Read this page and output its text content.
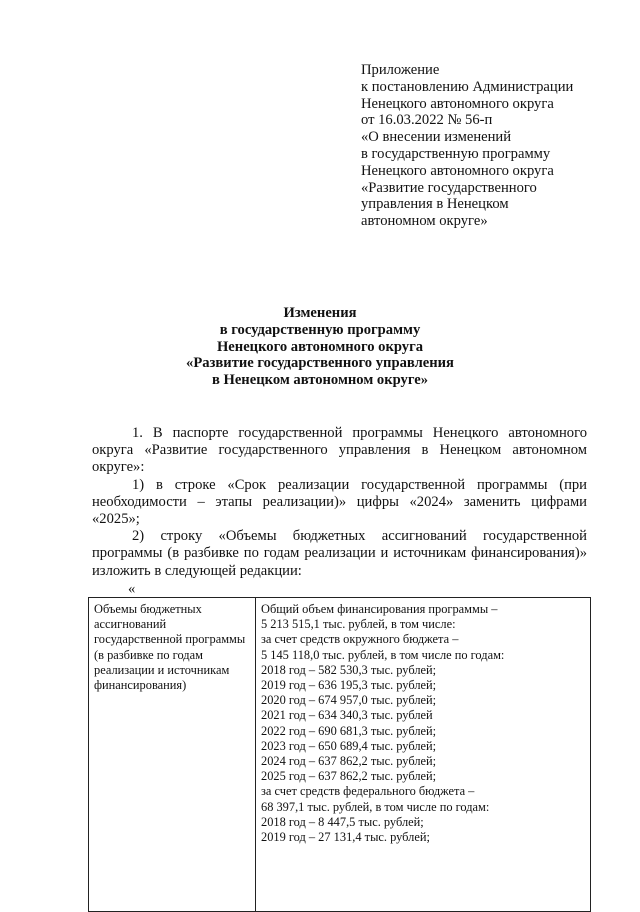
Приложение
к постановлению Администрации
Ненецкого автономного округа
от 16.03.2022 № 56-п
«О внесении изменений
в государственную программу
Ненецкого автономного округа
«Развитие государственного
управления в Ненецком
автономном округе»
Изменения
в государственную программу
Ненецкого автономного округа
«Развитие государственного управления
в Ненецком автономном округе»

1. В паспорте государственной программы Ненецкого автономного округа «Развитие государственного управления в Ненецком автономном округе»:

1) в строке «Срок реализации государственной программы (при необходимости – этапы реализации)» цифры «2024» заменить цифрами «2025»;

2) строку «Объемы бюджетных ассигнований государственной программы (в разбивке по годам реализации и источникам финансирования)» изложить в следующей редакции:

«
Объемы бюджетных
ассигнований
государственной программы
(в разбивке по годам
реализации и источникам
финансирования)

Общий объем финансирования программы –
5 213 515,1 тыс. рублей, в том числе:
за счет средств окружного бюджета –
5 145 118,0 тыс. рублей, в том числе по годам:
2018 год – 582 530,3 тыс. рублей;
2019 год – 636 195,3 тыс. рублей;
2020 год – 674 957,0 тыс. рублей;
2021 год – 634 340,3 тыс. рублей
2022 год – 690 681,3 тыс. рублей;
2023 год – 650 689,4 тыс. рублей;
2024 год – 637 862,2 тыс. рублей;
2025 год – 637 862,2 тыс. рублей;
за счет средств федерального бюджета –
68 397,1 тыс. рублей, в том числе по годам:
2018 год – 8 447,5 тыс. рублей;
2019 год – 27 131,4 тыс. рублей;
